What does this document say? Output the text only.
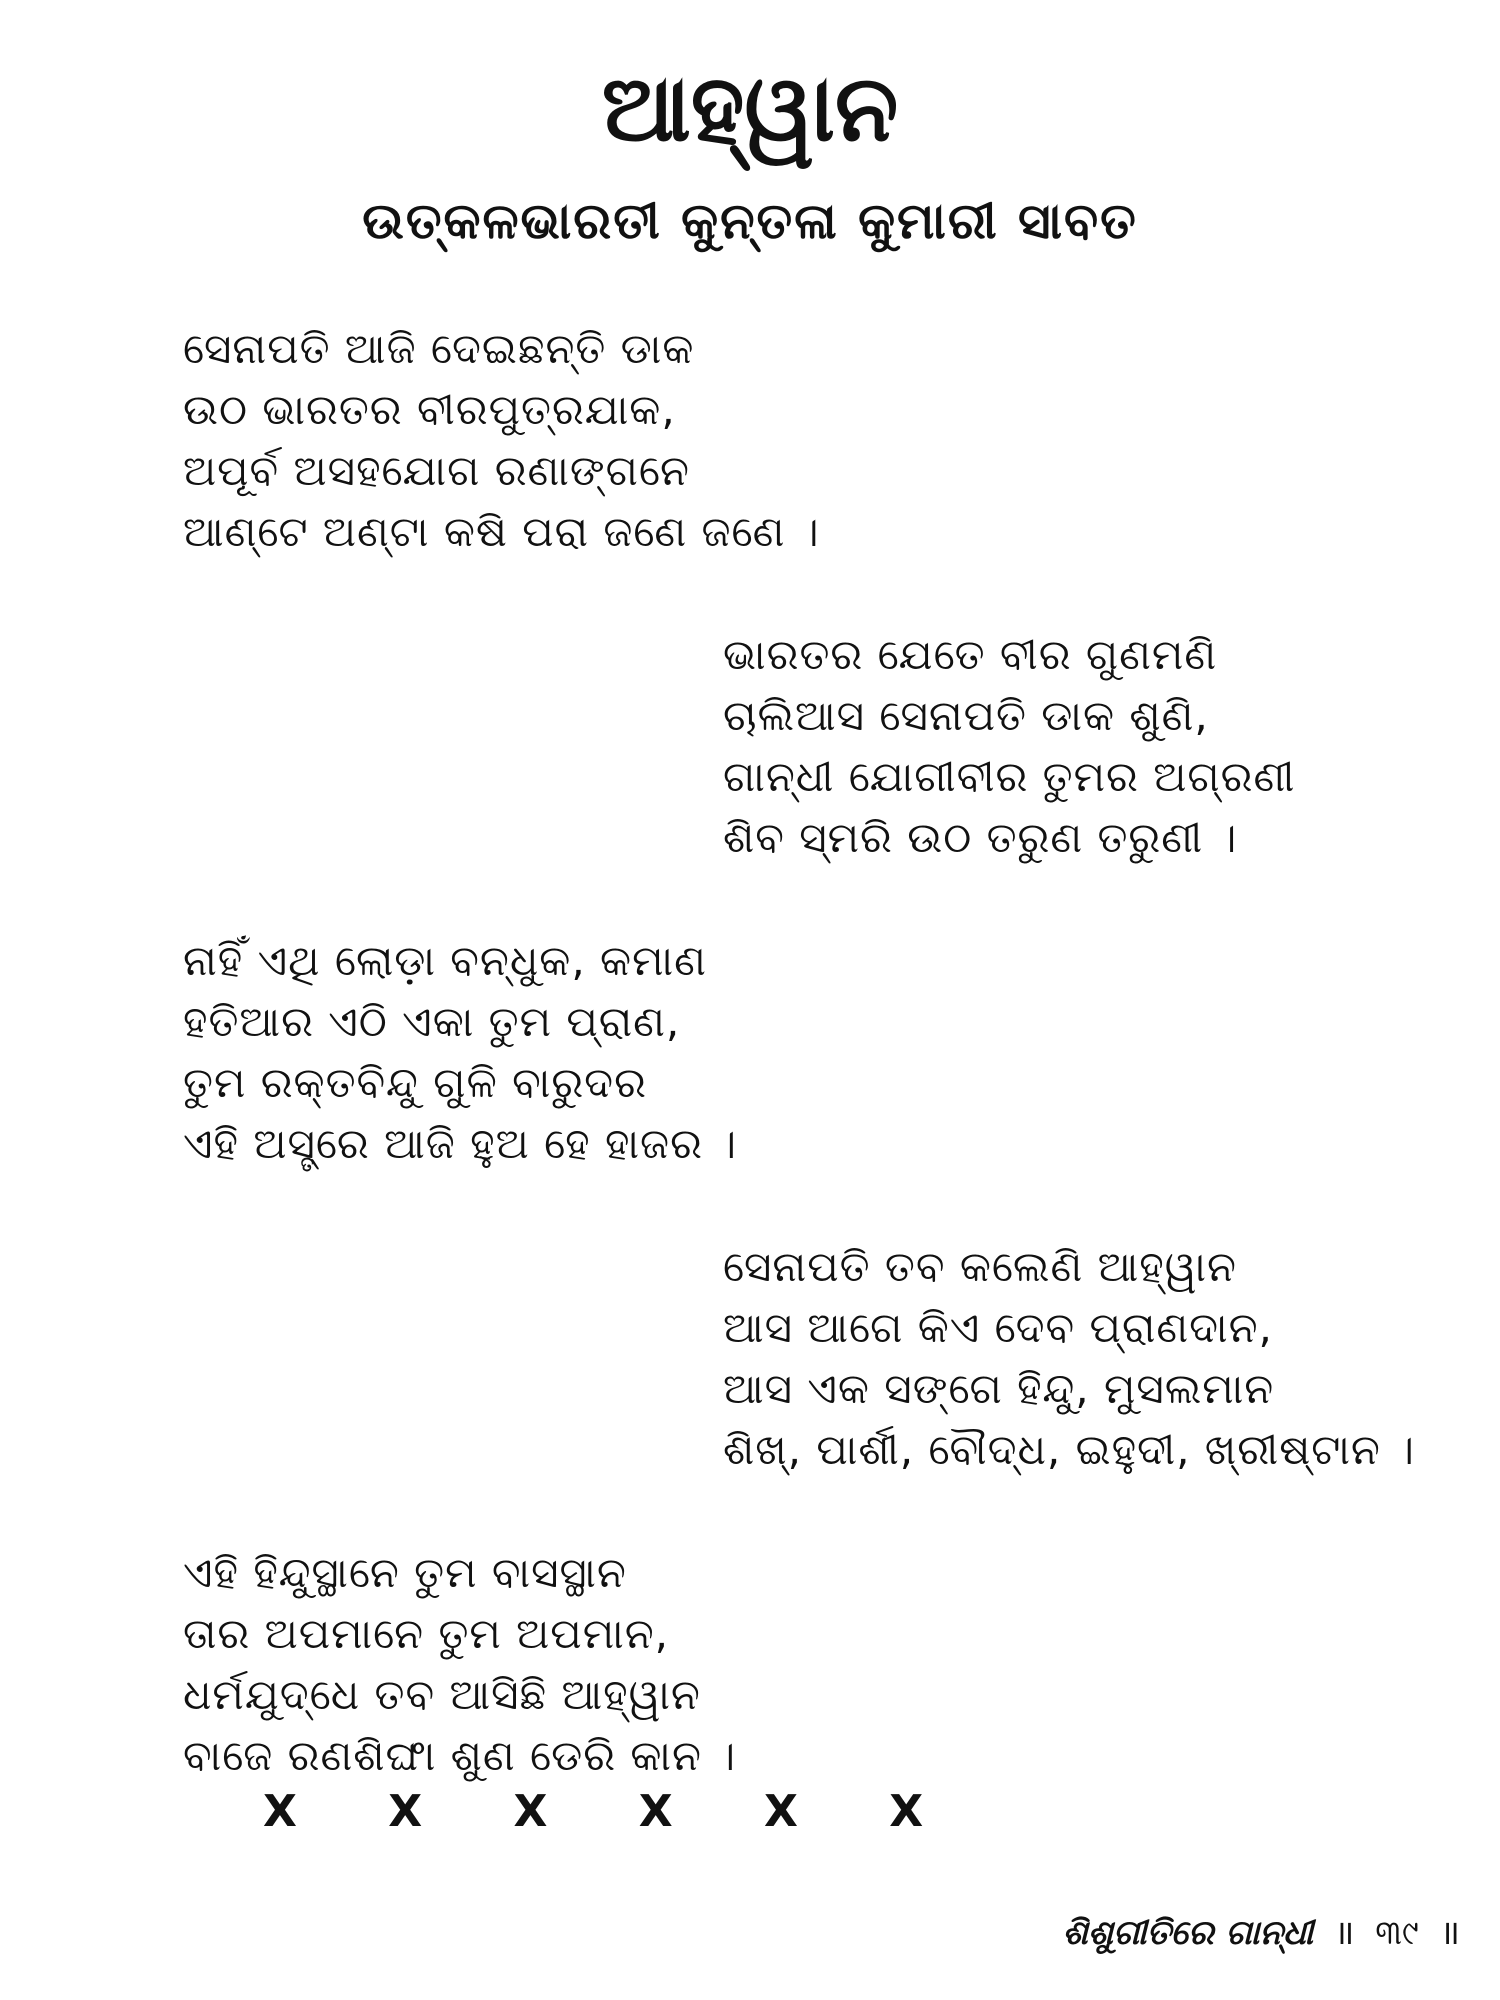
ଆହ୍ୱାନ
ଉତ୍କଳଭାରତୀ କୁନ୍ତଳା କୁମାରୀ ସାବତ
ସେନାପତି ଆଜି ଦେଇଛନ୍ତି ଡାକ
ଉଠ ଭାରତର ବୀରପୁତ୍ରଯାକ,
ଅପୂର୍ବ ଅସହଯୋଗ ରଣାଙ୍ଗନେ
ଆଣ୍ଟେ ଅଣ୍ଟା କଷି ପରା ଜଣେ ଜଣେ ।
ଭାରତର ଯେତେ ବୀର ଗୁଣମଣି
ଚାଲିଆସ ସେନାପତି ଡାକ ଶୁଣି,
ଗାନ୍ଧୀ ଯୋଗୀବୀର ତୁମର ଅଗ୍ରଣୀ
ଶିବ ସ୍ମରି ଉଠ ତରୁଣ ତରୁଣୀ ।
ନାହିଁ ଏଥି ଲୋଡ଼ା ବନ୍ଧୁକ, କମାଣ
ହତିଆର ଏଠି ଏକା ତୁମ ପ୍ରାଣ,
ତୁମ ରକ୍ତବିନ୍ଦୁ ଗୁଳି ବାରୁଦର
ଏହି ଅସ୍ତ୍ରେ ଆଜି ହୁଅ ହେ ହାଜର ।
ସେନାପତି ତବ କଲେଣି ଆହ୍ୱାନ
ଆସ ଆଗେ କିଏ ଦେବ ପ୍ରାଣଦାନ,
ଆସ ଏକ ସଙ୍ଗେ ହିନ୍ଦୁ, ମୁସଲମାନ
ଶିଖ୍, ପାର୍ଶୀ, ବୌଦ୍ଧ, ଇହୁଦୀ, ଖ୍ରୀଷ୍ଟାନ ।
ଏହି ହିନ୍ଦୁସ୍ଥାନେ ତୁମ ବାସସ୍ଥାନ
ତାର ଅପମାନେ ତୁମ ଅପମାନ,
ଧର୍ମଯୁଦ୍ଧେ ତବ ଆସିଛି ଆହ୍ୱାନ
ବାଜେ ରଣଶିଙ୍ଘା ଶୁଣ ଡେରି କାନ ।
X X X X X X
ଶିଶୁଗୀତିରେ ଗାନ୍ଧୀ ॥ ୩୯ ॥
